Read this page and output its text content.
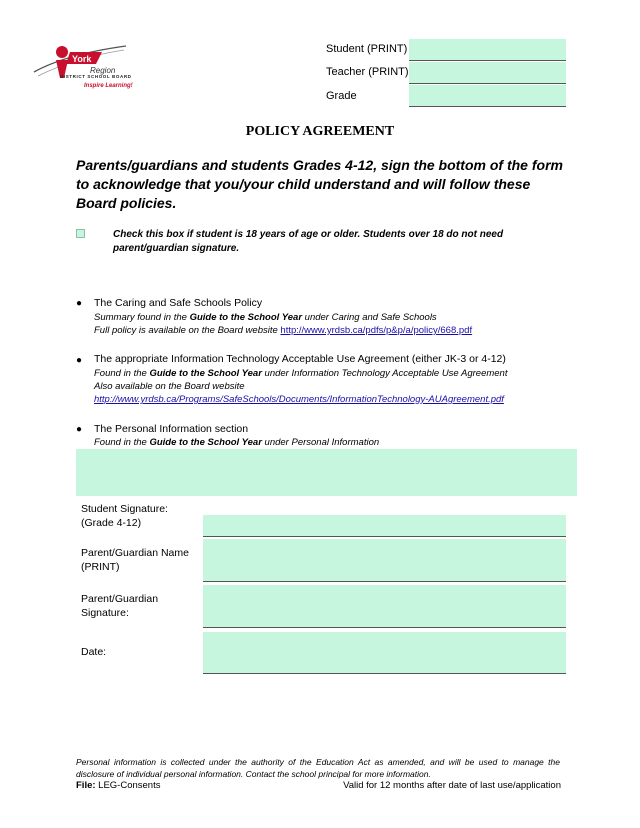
York
Region
DISTRICT SCHOOL BOARD
Inspire Learning!
Student (PRINT)
Teacher (PRINT)
Grade
POLICY AGREEMENT
Parents/guardians and students Grades 4-12, sign the bottom of the form to acknowledge that you/your child understand and will follow these Board policies.
Check this box if student is 18 years of age or older. Students over 18 do not need parent/guardian signature.
● The Caring and Safe Schools Policy
Summary found in the Guide to the School Year under Caring and Safe Schools
Full policy is available on the Board website http://www.yrdsb.ca/pdfs/p&p/a/policy/668.pdf
● The appropriate Information Technology Acceptable Use Agreement (either JK-3 or 4-12)
Found in the Guide to the School Year under Information Technology Acceptable Use Agreement
Also available on the Board website
http://www.yrdsb.ca/Programs/SafeSchools/Documents/InformationTechnology-AUAgreement.pdf
● The Personal Information section
Found in the Guide to the School Year under Personal Information
Student Signature:
(Grade 4-12)
Parent/Guardian Name
(PRINT)
Parent/Guardian
Signature:
Date:
Personal information is collected under the authority of the Education Act as amended, and will be used to manage the disclosure of individual personal information. Contact the school principal for more information.
File: LEG-Consents	Valid for 12 months after date of last use/application
